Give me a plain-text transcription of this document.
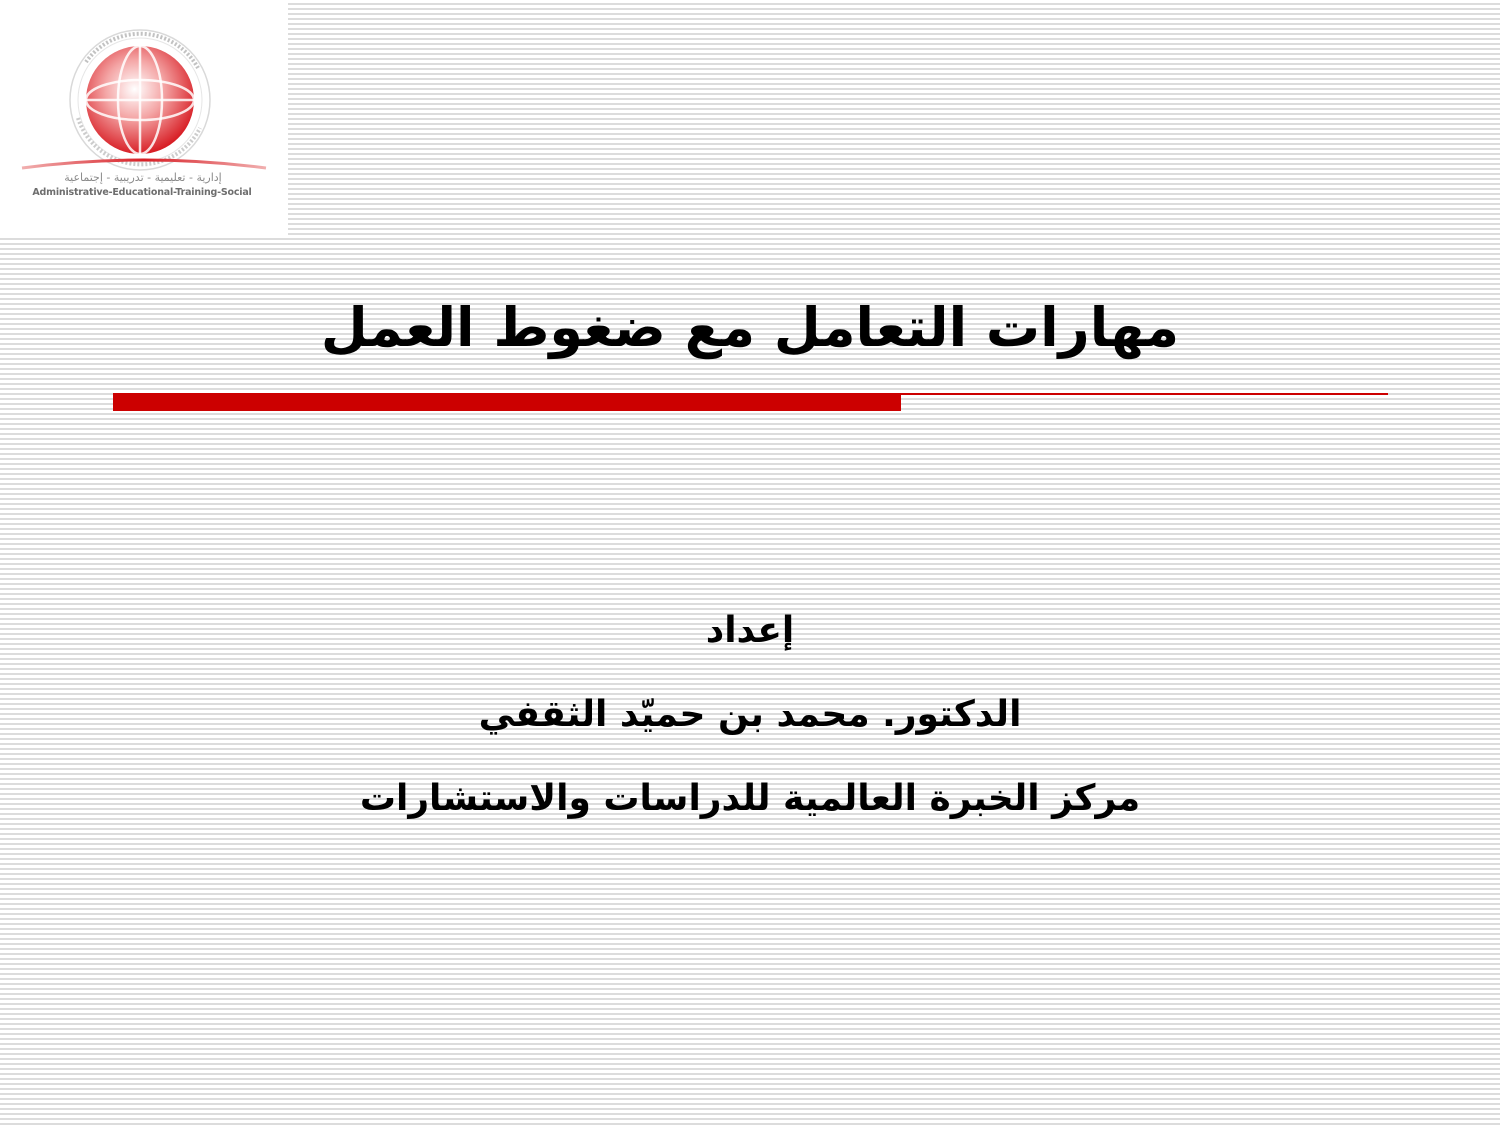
إدارية - تعليمية - تدريبية - إجتماعية
Administrative-Educational-Training-Social
مهارات التعامل مع ضغوط العمل
إعداد
الدكتور. محمد بن حميّد الثقفي
مركز الخبرة العالمية للدراسات والاستشارات
